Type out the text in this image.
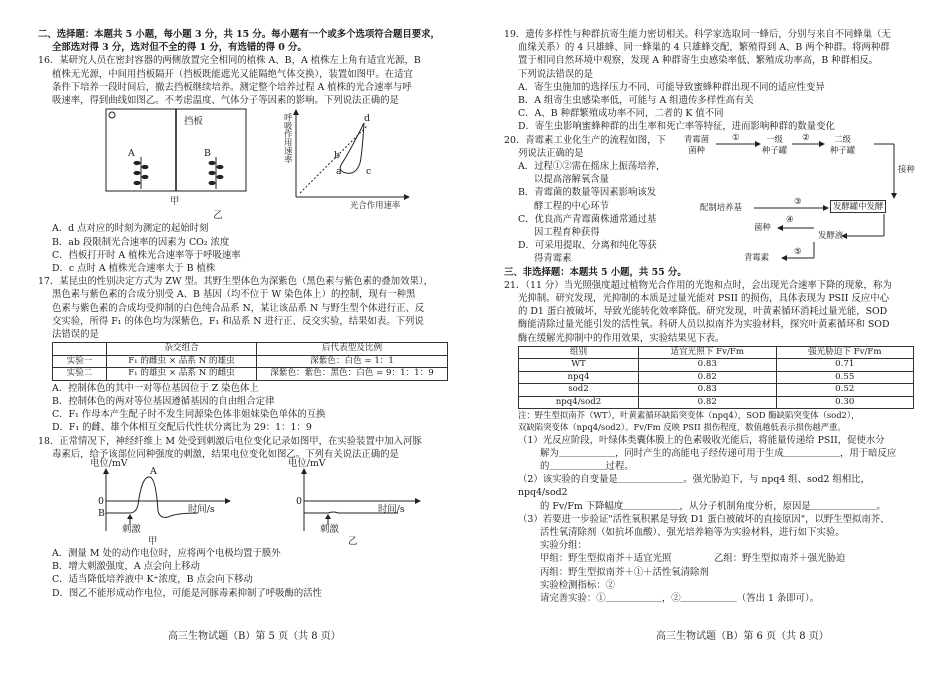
二、选择题：本题共 5 小题，每小题 3 分，共 15 分。每小题有一个或多个选项符合题目要求，

全部选对得 3 分，选对但不全的得 1 分，有选错的得 0 分。

16．某研究人员在密封容器的两侧放置完全相同的植株 A、B，A 植株左上角有适宜光源，B

植株无光源，中间用挡板隔开（挡板既能遮光又能隔绝气体交换），装置如图甲。在适宜

条件下培养一段时间后，撤去挡板继续培养。测定整个培养过程 A 植株的光合速率与呼

吸速率，得到曲线如图乙。不考虑温度、气体分子等因素的影响。下列说法正确的是

挡板
A	B
甲
呼吸作用速率
光合作用速率
d
b
a	c

乙

A．d 点对应的时刻为测定的起始时刻

B．ab 段限制光合速率的因素为 CO₂ 浓度

C．挡板打开时 A 植株光合速率等于呼吸速率

D．c 点时 A 植株光合速率大于 B 植株

17．某昆虫的性别决定方式为 ZW 型。其野生型体色为深紫色（黑色素与紫色素的叠加效果），

黑色素与紫色素的合成分别受 A、B 基因（均不位于 W 染色体上）的控制，现有一种黑

色素与紫色素的合成均受抑制的白色纯合品系 N，某让该品系 N 与野生型个体进行正、反

交实验，所得 F₁ 的体色均为深紫色，F₁ 和品系 N 进行正、反交实验，结果如表。下列说

法错误的是

	杂交组合	后代表型及比例
实验一	F₁ 的雌虫 × 品系 N 的雄虫	深紫色：白色 = 1：1
实验二	F₁ 的雄虫 × 品系 N 的雌虫	深紫色：紫色：黑色：白色 = 9：1：1：9

A．控制体色的其中一对等位基因位于 Z 染色体上

B．控制体色的两对等位基因遵循基因的自由组合定律

C．F₁ 作母本产生配子时不发生同源染色体非姐妹染色单体的互换

D．F₁ 的雌、雄个体相互交配后代性状分离比为 29：1：1：9

18．正常情况下，神经纤维上 M 处受到刺激后电位变化记录如图甲，在实验装置中加入河豚

毒素后，给予该部位同种强度的刺激，结果电位变化如图乙。下列有关说法正确的是

电位/mV
时间/s
A
B
0
刺激
电位/mV
时间/s
0
刺激

甲	乙

A．测量 M 处的动作电位时，应将两个电极均置于膜外

B．增大刺激强度，A 点会向上移动

C．适当降低培养液中 K⁺浓度，B 点会向下移动

D．图乙不能形成动作电位，可能是河豚毒素抑制了呼吸酶的活性

高三生物试题（B）第 5 页（共 8 页）

19．遗传多样性与种群抗寄生能力密切相关。科学家选取同一蜂后，分别与来自不同蜂巢（无

血缘关系）的 4 只雄蜂、同一蜂巢的 4 只雄蜂交配，繁殖得到 A、B 两个种群。将两种群

置于相同自然环境中观察，发现 A 种群寄生虫感染率低、繁殖成功率高，B 种群相反。

下列说法错误的是

A．寄生虫施加的选择压力不同，可能导致蜜蜂种群出现不同的适应性变异

B．A 组寄生虫感染率低，可能与 A 组遗传多样性高有关

C．A、B 种群繁殖成功率不同，二者的 K 值不同

D．寄生虫影响蜜蜂种群的出生率和死亡率等特征，进而影响种群的数量变化

20．青霉素工业化生产的流程如图，下

列说法正确的是

A．过程①②需在摇床上振荡培养，

以提高溶解氧含量

B．青霉菌的数量等因素影响该发

酵工程的中心环节

C．优良高产青霉菌株通常通过基

因工程育种获得

D．可采用提取、分离和纯化等获

得青霉素

青霉菌
菌种
①	一级
种子罐
②	二级
种子罐
接种
配制培养基
③	发酵罐中发酵
④
菌种
发酵液
⑤
青霉素

三、非选择题：本题共 5 小题，共 55 分。

21．（11 分）当光照强度超过植物光合作用的光饱和点时，会出现光合速率下降的现象，称为

光抑制。研究发现，光抑制的本质是过量光能对 PSII 的损伤，具体表现为 PSII 反应中心

的 D1 蛋白被破坏，导致光能转化效率降低。研究发现，叶黄素循环消耗过量光能，SOD

酶能清除过量光能引发的活性氧。科研人员以拟南芥为实验材料，探究叶黄素循环和 SOD

酶在缓解光抑制中的作用效果，实验结果见下表。

组别	适宜光照下 Fv/Fm	强光胁迫下 Fv/Fm
WT	0.83	0.71
npq4	0.82	0.55
sod2	0.83	0.52
npq4/sod2	0.82	0.30

注：野生型拟南芥（WT），叶黄素循环缺陷突变体（npq4），SOD 酶缺陷突变体（sod2），

双缺陷突变体（npq4/sod2）。Fv/Fm 反映 PSII 损伤程度，数值越低表示损伤越严重。

（1）光反应阶段，叶绿体类囊体膜上的色素吸收光能后，将能量传递给 PSII，促使水分

解为＿＿＿＿＿＿，同时产生的高能电子经传递可用于生成＿＿＿＿＿＿，用于暗反应

的＿＿＿＿＿＿过程。

（2）该实验的自变量是＿＿＿＿＿＿＿。强光胁迫下，与 npq4 组、sod2 组相比，npq4/sod2

的 Fv/Fm 下降幅度＿＿＿＿＿＿，从分子机制角度分析，原因是＿＿＿＿＿＿＿。

（3）若要进一步验证"活性氧积累是导致 D1 蛋白被破坏的直接原因"，以野生型拟南芥、

活性氧清除剂（如抗坏血酸）、强光培养箱等为实验材料，进行如下实验。

实验分组：

甲组：野生型拟南芥＋适宜光照	乙组：野生型拟南芥＋强光胁迫

丙组：野生型拟南芥＋①＋活性氧清除剂

实验检测指标：②

请完善实验：①＿＿＿＿＿＿，②＿＿＿＿＿＿（答出 1 条即可）。

高三生物试题（B）第 6 页（共 8 页）
